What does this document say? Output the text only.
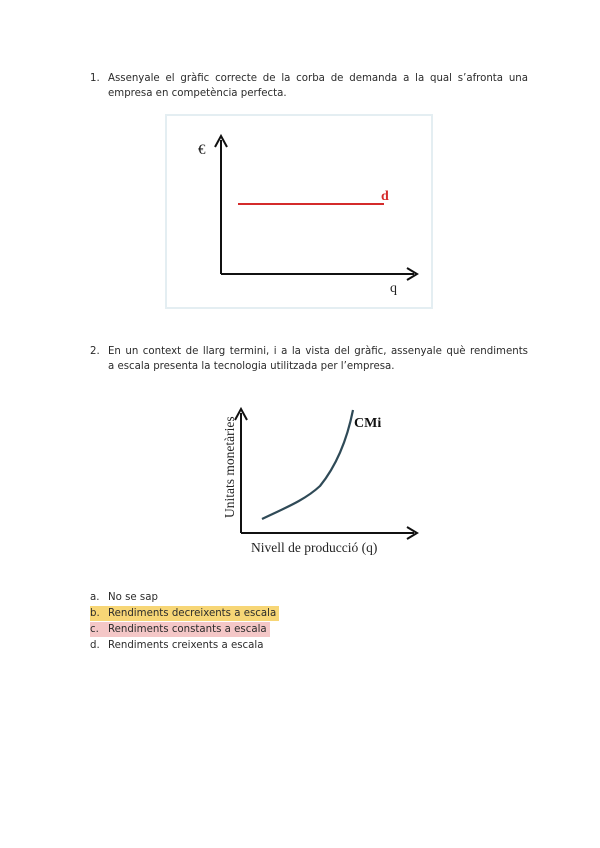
1. Assenyale el gràfic correcte de la corba de demanda a la qual s’afronta una
empresa en competència perfecta.
€
d
q
2. En un context de llarg termini, i a la vista del gràfic, assenyale què rendiments
a escala presenta la tecnologia utilitzada per l’empresa.
CMi
Unitats monetàries
Nivell de producció (q)
a. No se sap
b. Rendiments decreixents a escala
c. Rendiments constants a escala
d. Rendiments creixents a escala
